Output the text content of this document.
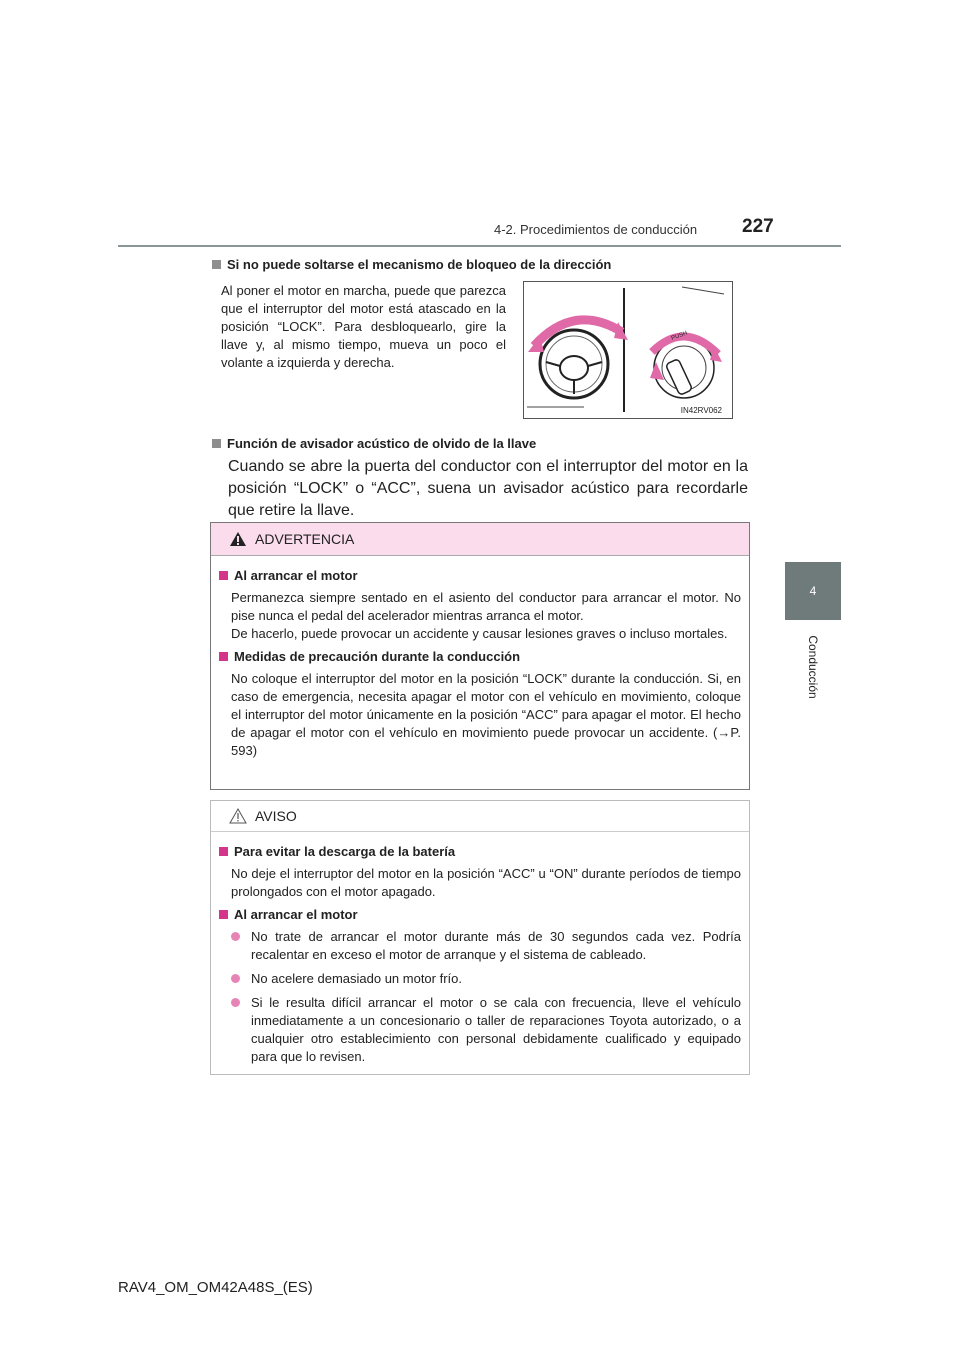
4-2. Procedimientos de conducción 227
4
Conducción
Si no puede soltarse el mecanismo de bloqueo de la dirección
Al poner el motor en marcha, puede que parezca que el interruptor del motor está atascado en la posición “LOCK”. Para desbloquearlo, gire la llave y, al mismo tiempo, mueva un poco el volante a izquierda y derecha.
PUSH
IN42RV062
Función de avisador acústico de olvido de la llave
Cuando se abre la puerta del conductor con el interruptor del motor en la posición “LOCK” o “ACC”, suena un avisador acústico para recordarle que retire la llave.
ADVERTENCIA
Al arrancar el motor
Permanezca siempre sentado en el asiento del conductor para arrancar el motor. No pise nunca el pedal del acelerador mientras arranca el motor.
De hacerlo, puede provocar un accidente y causar lesiones graves o incluso mortales.
Medidas de precaución durante la conducción
No coloque el interruptor del motor en la posición “LOCK” durante la conducción. Si, en caso de emergencia, necesita apagar el motor con el vehículo en movimiento, coloque el interruptor del motor únicamente en la posición “ACC” para apagar el motor. El hecho de apagar el motor con el vehículo en movimiento puede provocar un accidente. (→P. 593)
AVISO
Para evitar la descarga de la batería
No deje el interruptor del motor en la posición “ACC” u “ON” durante períodos de tiempo prolongados con el motor apagado.
Al arrancar el motor
No trate de arrancar el motor durante más de 30 segundos cada vez. Podría recalentar en exceso el motor de arranque y el sistema de cableado.
No acelere demasiado un motor frío.
Si le resulta difícil arrancar el motor o se cala con frecuencia, lleve el vehículo inmediatamente a un concesionario o taller de reparaciones Toyota autorizado, o a cualquier otro establecimiento con personal debidamente cualificado y equipado para que lo revisen.
RAV4_OM_OM42A48S_(ES)
